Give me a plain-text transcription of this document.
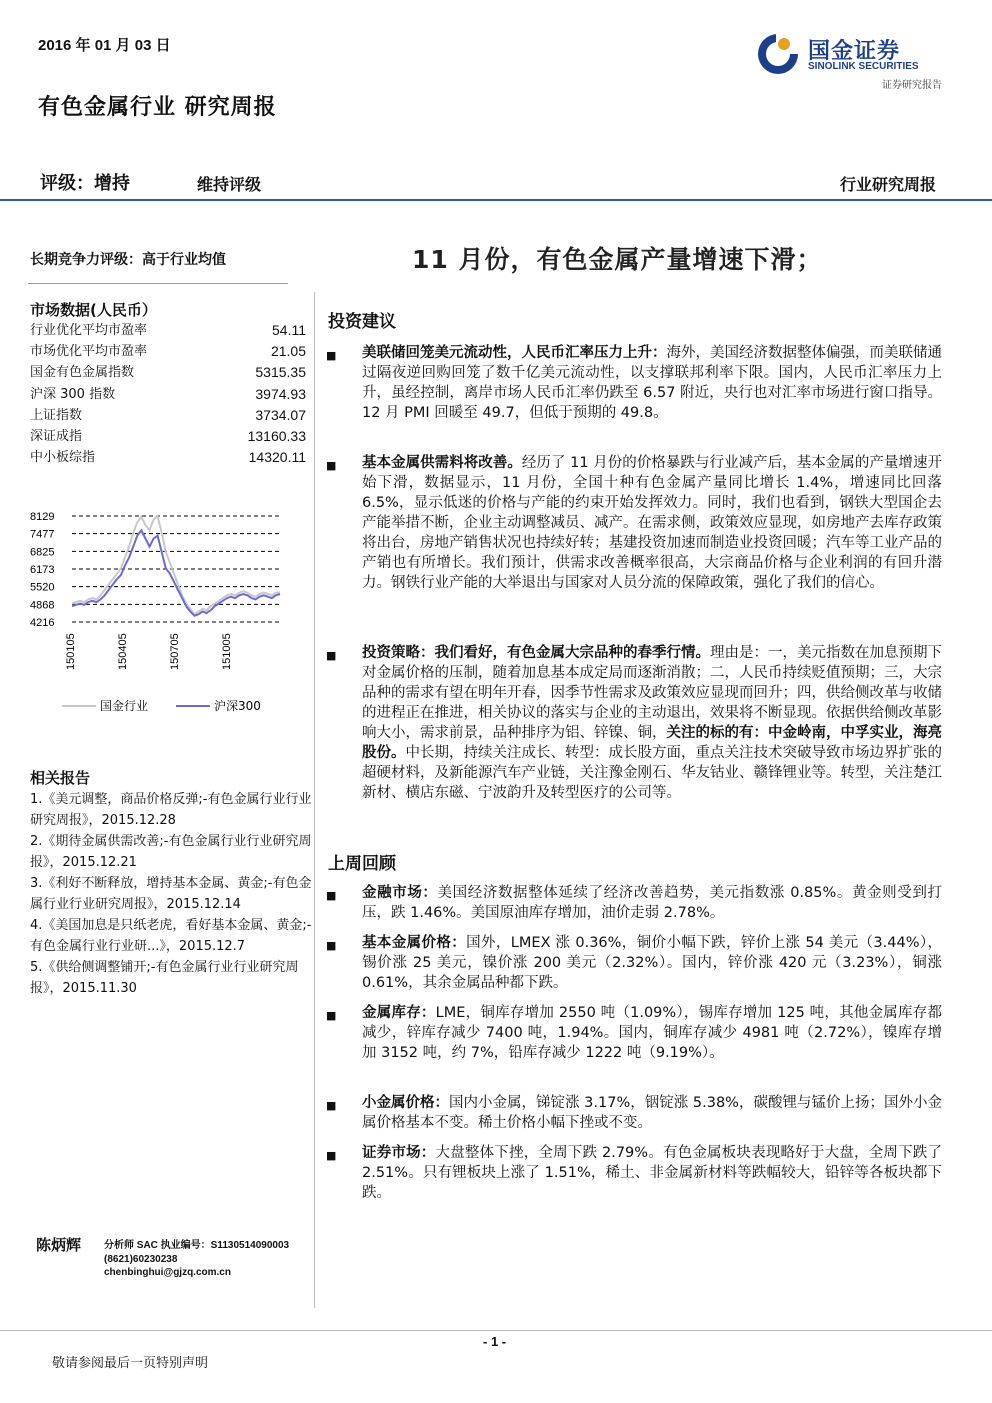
2016 年 01 月 03 日	国金证券
SINOLINK SECURITIES
证券研究报告
有色金属行业 研究周报
评级：增持	维持评级	行业研究周报
长期竞争力评级：高于行业均值	11 月份，有色金属产量增速下滑；
市场数据(人民币）
行业优化平均市盈率	54.11
市场优化平均市盈率	21.05
国金有色金属指数	5315.35
沪深 300 指数	3974.93
上证指数	3734.07
深证成指	13160.33
中小板综指	14320.11
8129
7477
6825
6173
5520
4868
4216
150105	150405	150705	151005
国金行业	沪深300
相关报告

1.《美元调整，商品价格反弹;-有色金属行业行业研究周报》，2015.12.28

2.《期待金属供需改善;-有色金属行业行业研究周报》，2015.12.21

3.《利好不断释放，增持基本金属、黄金;-有色金属行业行业研究周报》，2015.12.14

4.《美国加息是只纸老虎，看好基本金属、黄金;-有色金属行业行业研...》，2015.12.7

5.《供给侧调整铺开;-有色金属行业行业研究周报》，2015.11.30

陈炳辉 分析师 SAC 执业编号：S1130514090003
(8621)60230238
chenbinghui@gjzq.com.cn
投资建议
上周回顾
■ 美联储回笼美元流动性，人民币汇率压力上升：海外，美国经济数据整体偏强，而美联储通过隔夜逆回购回笼了数千亿美元流动性，以支撑联邦利率下限。国内，人民币汇率压力上升，虽经控制，离岸市场人民币汇率仍跌至 6.57 附近，央行也对汇率市场进行窗口指导。12 月 PMI 回暖至 49.7，但低于预期的 49.8。
■ 基本金属供需料将改善。经历了 11 月份的价格暴跌与行业减产后，基本金属的产量增速开始下滑，数据显示，11 月份，全国十种有色金属产量同比增长 1.4%，增速同比回落 6.5%，显示低迷的价格与产能的约束开始发挥效力。同时，我们也看到，钢铁大型国企去产能举措不断，企业主动调整减员、减产。在需求侧，政策效应显现，如房地产去库存政策将出台，房地产销售状况也持续好转；基建投资加速而制造业投资回暖；汽车等工业产品的产销也有所增长。我们预计，供需求改善概率很高，大宗商品价格与企业利润的有回升潜力。钢铁行业产能的大举退出与国家对人员分流的保障政策，强化了我们的信心。
■ 投资策略：我们看好，有色金属大宗品种的春季行情。理由是：一，美元指数在加息预期下对金属价格的压制，随着加息基本成定局而逐渐消散；二，人民币持续贬值预期；三，大宗品种的需求有望在明年开春，因季节性需求及政策效应显现而回升；四，供给侧改革与收储的进程正在推进，相关协议的落实与企业的主动退出，效果将不断显现。依据供给侧改革影响大小，需求前景，品种排序为铝、锌镍、铜，关注的标的有：中金岭南，中孚实业，海亮股份。中长期，持续关注成长、转型：成长股方面，重点关注技术突破导致市场边界扩张的超硬材料，及新能源汽车产业链，关注豫金刚石、华友钴业、赣锋锂业等。转型，关注楚江新材、横店东磁、宁波韵升及转型医疗的公司等。
■ 金融市场：美国经济数据整体延续了经济改善趋势，美元指数涨 0.85%。黄金则受到打压，跌 1.46%。美国原油库存增加，油价走弱 2.78%。
■ 基本金属价格：国外，LMEX 涨 0.36%，铜价小幅下跌，锌价上涨 54 美元（3.44%），锡价涨 25 美元，镍价涨 200 美元（2.32%）。国内，锌价涨 420 元（3.23%），铜涨 0.61%，其余金属品种都下跌。
■ 金属库存：LME，铜库存增加 2550 吨（1.09%），锡库存增加 125 吨，其他金属库存都减少，锌库存减少 7400 吨，1.94%。国内，铜库存减少 4981 吨（2.72%），镍库存增加 3152 吨，约 7%，铅库存减少 1222 吨（9.19%）。
■ 小金属价格：国内小金属，锑锭涨 3.17%，铟锭涨 5.38%，碳酸锂与锰价上扬；国外小金属价格基本不变。稀土价格小幅下挫或不变。
■ 证券市场：大盘整体下挫，全周下跌 2.79%。有色金属板块表现略好于大盘，全周下跌了 2.51%。只有锂板块上涨了 1.51%，稀土、非金属新材料等跌幅较大，铅锌等各板块都下跌。
- 1 -
敬请参阅最后一页特别声明
